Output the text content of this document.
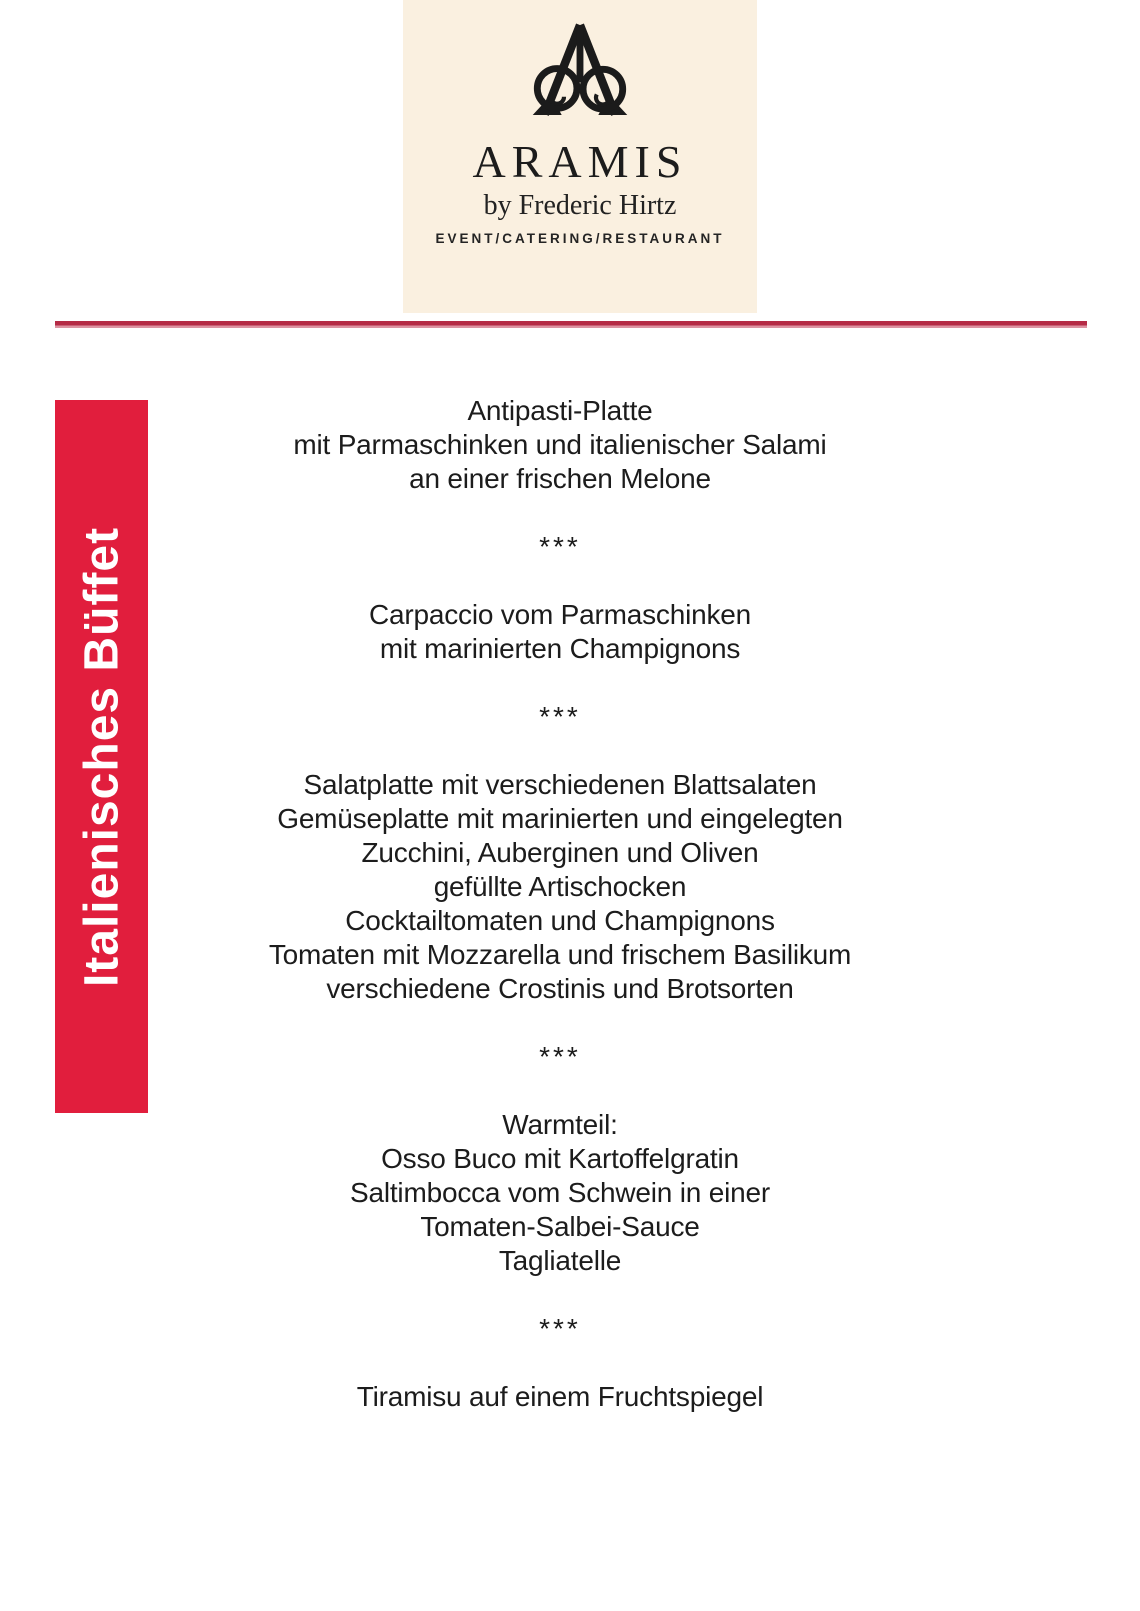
ARAMIS
by Frederic Hirtz
EVENT/CATERING/RESTAURANT
Italienisches Büffet
Antipasti-Platte
mit Parmaschinken und italienischer Salami
an einer frischen Melone
***
Carpaccio vom Parmaschinken
mit marinierten Champignons
***
Salatplatte mit verschiedenen Blattsalaten
Gemüseplatte mit marinierten und eingelegten
Zucchini, Auberginen und Oliven
gefüllte Artischocken
Cocktailtomaten und Champignons
Tomaten mit Mozzarella und frischem Basilikum
verschiedene Crostinis und Brotsorten
***
Warmteil:
Osso Buco mit Kartoffelgratin
Saltimbocca vom Schwein in einer
Tomaten-Salbei-Sauce
Tagliatelle
***
Tiramisu auf einem Fruchtspiegel
